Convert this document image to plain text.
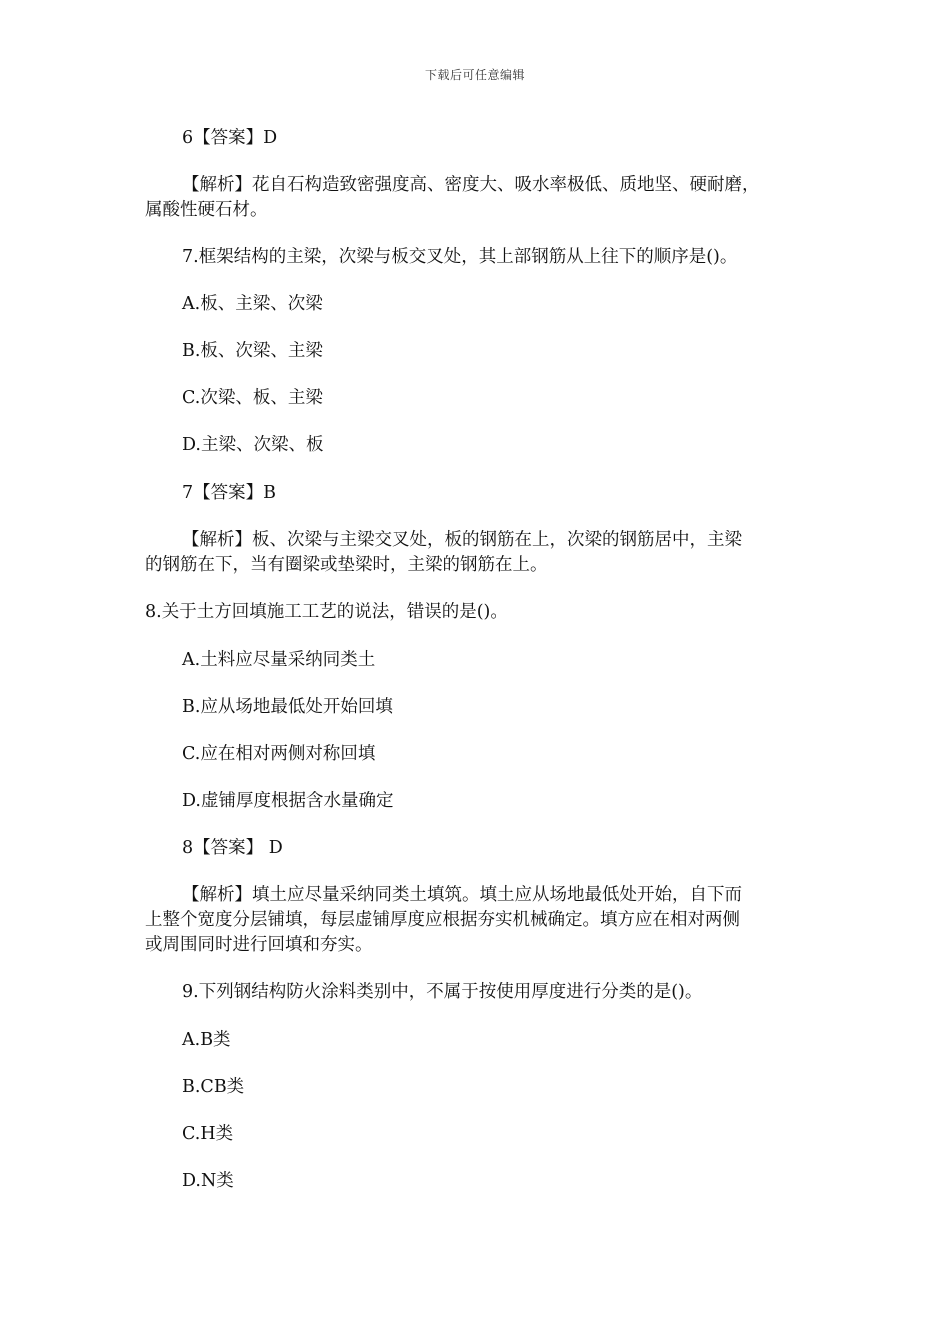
下载后可任意编辑
6【答案】D
【解析】花自石构造致密强度高、密度大、吸水率极低、质地坚、硬耐磨，
属酸性硬石材。
7.框架结构的主梁，次梁与板交叉处，其上部钢筋从上往下的顺序是()。
A.板、主梁、次梁
B.板、次梁、主梁
C.次梁、板、主梁
D.主梁、次梁、板
7【答案】B
【解析】板、次梁与主梁交叉处，板的钢筋在上，次梁的钢筋居中，主梁
的钢筋在下，当有圈梁或垫梁时，主梁的钢筋在上。
8.关于土方回填施工工艺的说法，错误的是()。
A.土料应尽量采纳同类土
B.应从场地最低处开始回填
C.应在相对两侧对称回填
D.虚铺厚度根据含水量确定
8【答案】 D
【解析】填土应尽量采纳同类土填筑。填土应从场地最低处开始，自下而
上整个宽度分层铺填，每层虚铺厚度应根据夯实机械确定。填方应在相对两侧
或周围同时进行回填和夯实。
9.下列钢结构防火涂料类别中，不属于按使用厚度进行分类的是()。
A.B类
B.CB类
C.H类
D.N类
